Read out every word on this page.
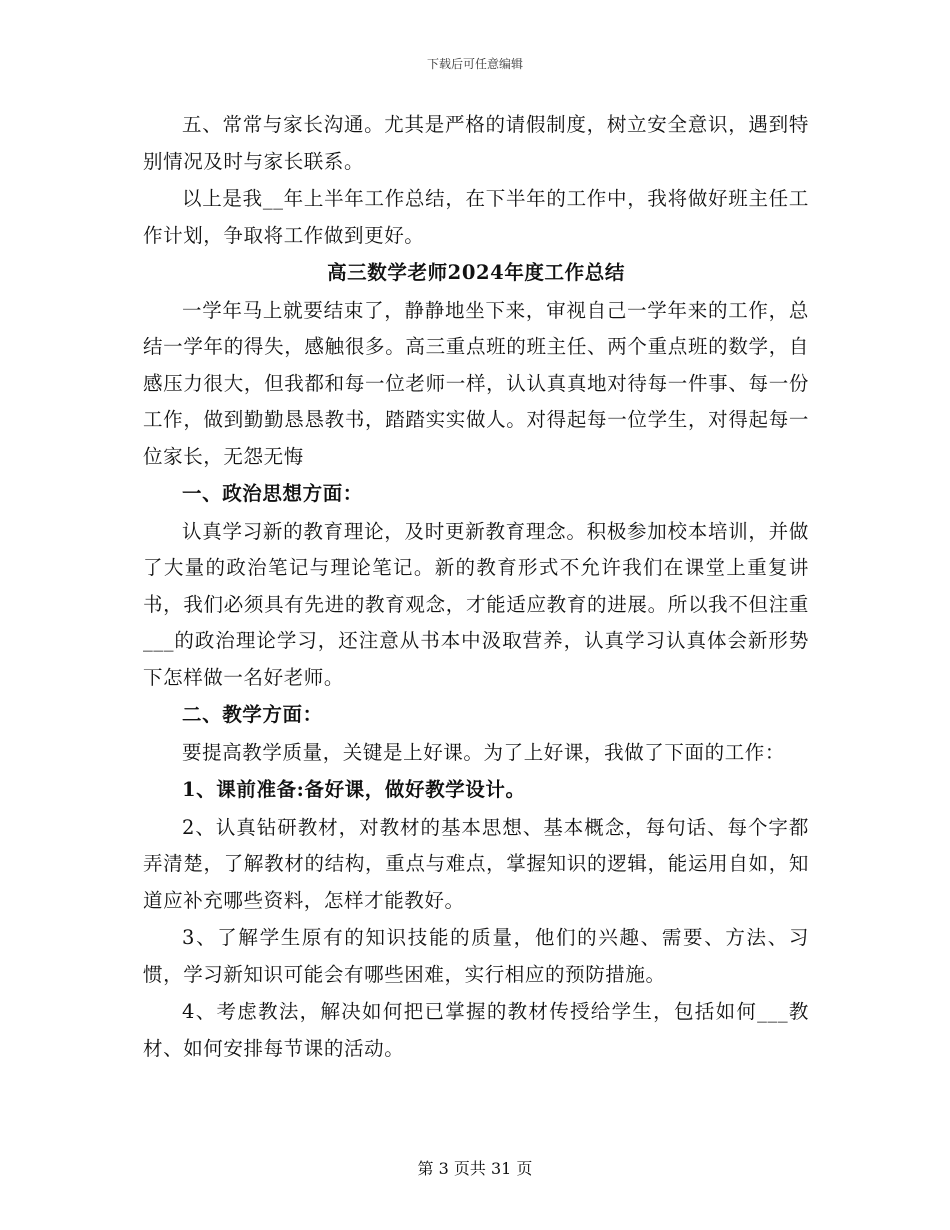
下载后可任意编辑

五、常常与家长沟通。尤其是严格的请假制度，树立安全意识，遇到特别情况及时与家长联系。

以上是我__年上半年工作总结，在下半年的工作中，我将做好班主任工作计划，争取将工作做到更好。

高三数学老师2024年度工作总结

一学年马上就要结束了，静静地坐下来，审视自己一学年来的工作，总结一学年的得失，感触很多。高三重点班的班主任、两个重点班的数学，自感压力很大，但我都和每一位老师一样，认认真真地对待每一件事、每一份工作，做到勤勤恳恳教书，踏踏实实做人。对得起每一位学生，对得起每一位家长，无怨无悔

一、政治思想方面：

认真学习新的教育理论，及时更新教育理念。积极参加校本培训，并做了大量的政治笔记与理论笔记。新的教育形式不允许我们在课堂上重复讲书，我们必须具有先进的教育观念，才能适应教育的进展。所以我不但注重___的政治理论学习，还注意从书本中汲取营养，认真学习认真体会新形势下怎样做一名好老师。

二、教学方面：

要提高教学质量，关键是上好课。为了上好课，我做了下面的工作：

1、课前准备:备好课，做好教学设计。

2、认真钻研教材，对教材的基本思想、基本概念，每句话、每个字都弄清楚，了解教材的结构，重点与难点，掌握知识的逻辑，能运用自如，知道应补充哪些资料，怎样才能教好。

3、了解学生原有的知识技能的质量，他们的兴趣、需要、方法、习惯，学习新知识可能会有哪些困难，实行相应的预防措施。

4、考虑教法，解决如何把已掌握的教材传授给学生，包括如何___教材、如何安排每节课的活动。

第 3 页共 31 页
